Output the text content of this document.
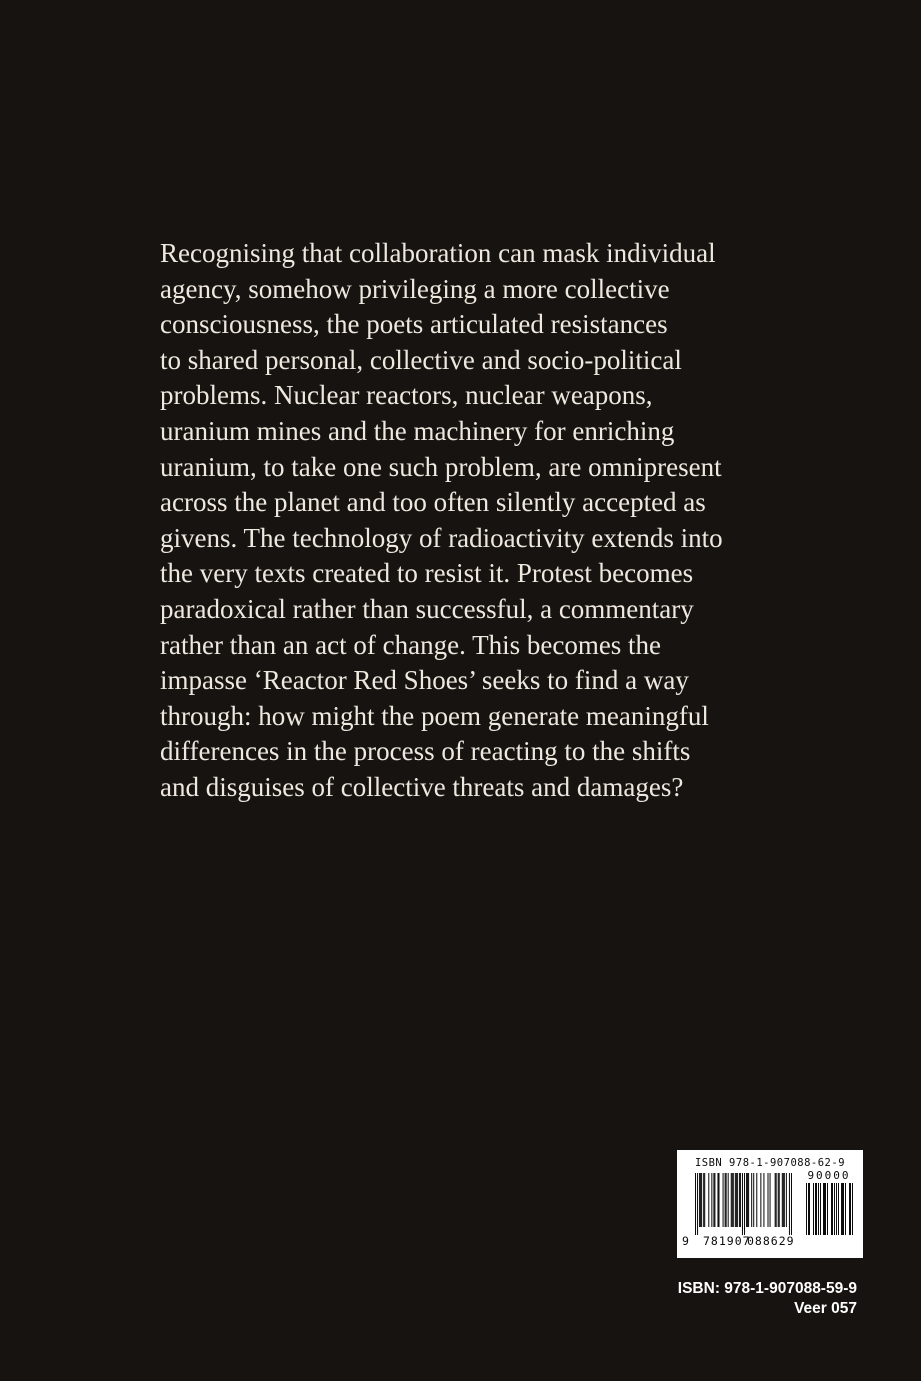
Recognising that collaboration can mask individual
agency, somehow privileging a more collective
consciousness, the poets articulated resistances
to shared personal, collective and socio-political
problems. Nuclear reactors, nuclear weapons,
uranium mines and the machinery for enriching
uranium, to take one such problem, are omnipresent
across the planet and too often silently accepted as
givens. The technology of radioactivity extends into
the very texts created to resist it. Protest becomes
paradoxical rather than successful, a commentary
rather than an act of change. This becomes the
impasse ‘Reactor Red Shoes’ seeks to find a way
through: how might the poem generate meaningful
differences in the process of reacting to the shifts
and disguises of collective threats and damages?
ISBN 978-1-907088-62-9
90000
9 781907
088629
ISBN: 978-1-907088-59-9
Veer 057
